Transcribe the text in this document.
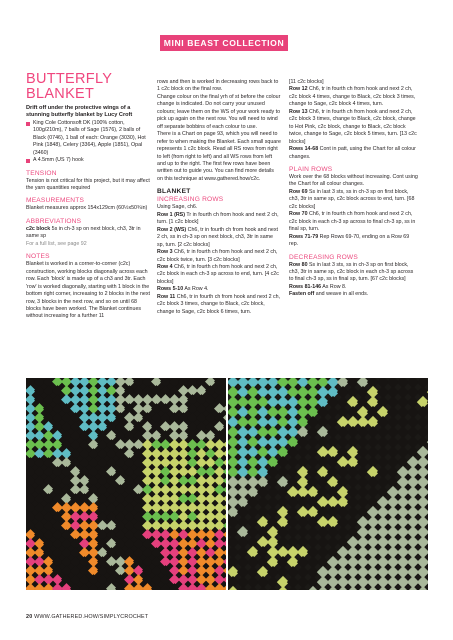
MINI BEAST COLLECTION
BUTTERFLY BLANKET

Drift off under the protective wings of a stunning butterfly blanket by Lucy Croft

King Cole Cottonsoft DK (100% cotton, 100g/210m), 7 balls of Sage (1576), 2 balls of Black (0746), 1 ball of each: Orange (3030), Hot Pink (1848), Celery (3364), Apple (1851), Opal (3460)

A 4.5mm (US 7) hook

TENSION

Tension is not critical for this project, but it may affect the yarn quantities required

MEASUREMENTS

Blanket measures approx 154x129cm (60½x50¾in)

ABBREVIATIONS

c2c block 5s in ch-3 sp on next block, ch3, 3tr in same sp

For a full list, see page 92

NOTES

Blanket is worked in a corner-to-corner (c2c) construction, working blocks diagonally across each row. Each 'block' is made up of a ch3 and 3tr. Each 'row' is worked diagonally, starting with 1 block in the bottom right corner, increasing to 2 blocks in the next row, 3 blocks in the next row, and so on until 68 blocks have been worked. The Blanket continues without increasing for a further 11

rows and then is worked in decreasing rows back to 1 c2c block on the final row.

Change colour on the final yrh of st before the colour change is indicated. Do not carry your unused colours; leave them on the WS of your work ready to pick up again on the next row. You will need to wind off separate bobbins of each colour to use.

There is a Chart on page 93, which you will need to refer to when making the Blanket. Each small square represents 1 c2c block. Read all RS rows from right to left (from right to left) and all WS rows from left and up to the right. The first few rows have been written out to guide you. You can find more details on this technique at www.gathered.how/c2c.

BLANKET
INCREASING ROWS

Using Sage, ch6.

Row 1 (RS) Tr in fourth ch from hook and next 2 ch, turn. [1 c2c block]

Row 2 (WS) Ch6, tr in fourth ch from hook and next 2 ch, ss in ch-3 sp on next block, ch3, 3tr in same sp, turn. [2 c2c blocks]

Row 3 Ch6, tr in fourth ch from hook and next 2 ch, c2c block twice, turn. [3 c2c blocks]

Row 4 Ch6, tr in fourth ch from hook and next 2 ch, c2c block in each ch-3 sp across to end, turn. [4 c2c blocks]

Rows 5-10 As Row 4.

Row 11 Ch6, tr in fourth ch from hook and next 2 ch, c2c block 3 times, change to Black, c2c block, change to Sage, c2c block 6 times, turn.

[11 c2c blocks]

Row 12 Ch6, tr in fourth ch from hook and next 2 ch, c2c block 4 times, change to Black, c2c block 3 times, change to Sage, c2c block 4 times, turn.

Row 13 Ch6, tr in fourth ch from hook and next 2 ch, c2c block 3 times, change to Black, c2c block, change to Hot Pink, c2c block, change to Black, c2c block twice, change to Sage, c2c block 5 times, turn. [13 c2c blocks]

Rows 14-68 Cont in patt, using the Chart for all colour changes.

PLAIN ROWS

Work over the 68 blocks without increasing. Cont using the Chart for all colour changes.

Row 69 Ss in last 3 sts, ss in ch-3 sp on first block, ch3, 3tr in same sp, c2c block across to end, turn. [68 c2c blocks]

Row 70 Ch6, tr in fourth ch from hook and next 2 ch, c2c block in each ch-3 sp across to final ch-3 sp, ss in final sp, turn.

Rows 71-79 Rep Rows 69-70, ending on a Row 69 rep.

DECREASING ROWS

Row 80 Ss in last 3 sts, ss in ch-3 sp on first block, ch3, 3tr in same sp, c2c block in each ch-3 sp across to final ch-3 sp, ss in final sp, turn. [67 c2c blocks]

Rows 81-146 As Row 8.

Fasten off and weave in all ends.

20 WWW.GATHERED.HOW/SIMPLYCROCHET
